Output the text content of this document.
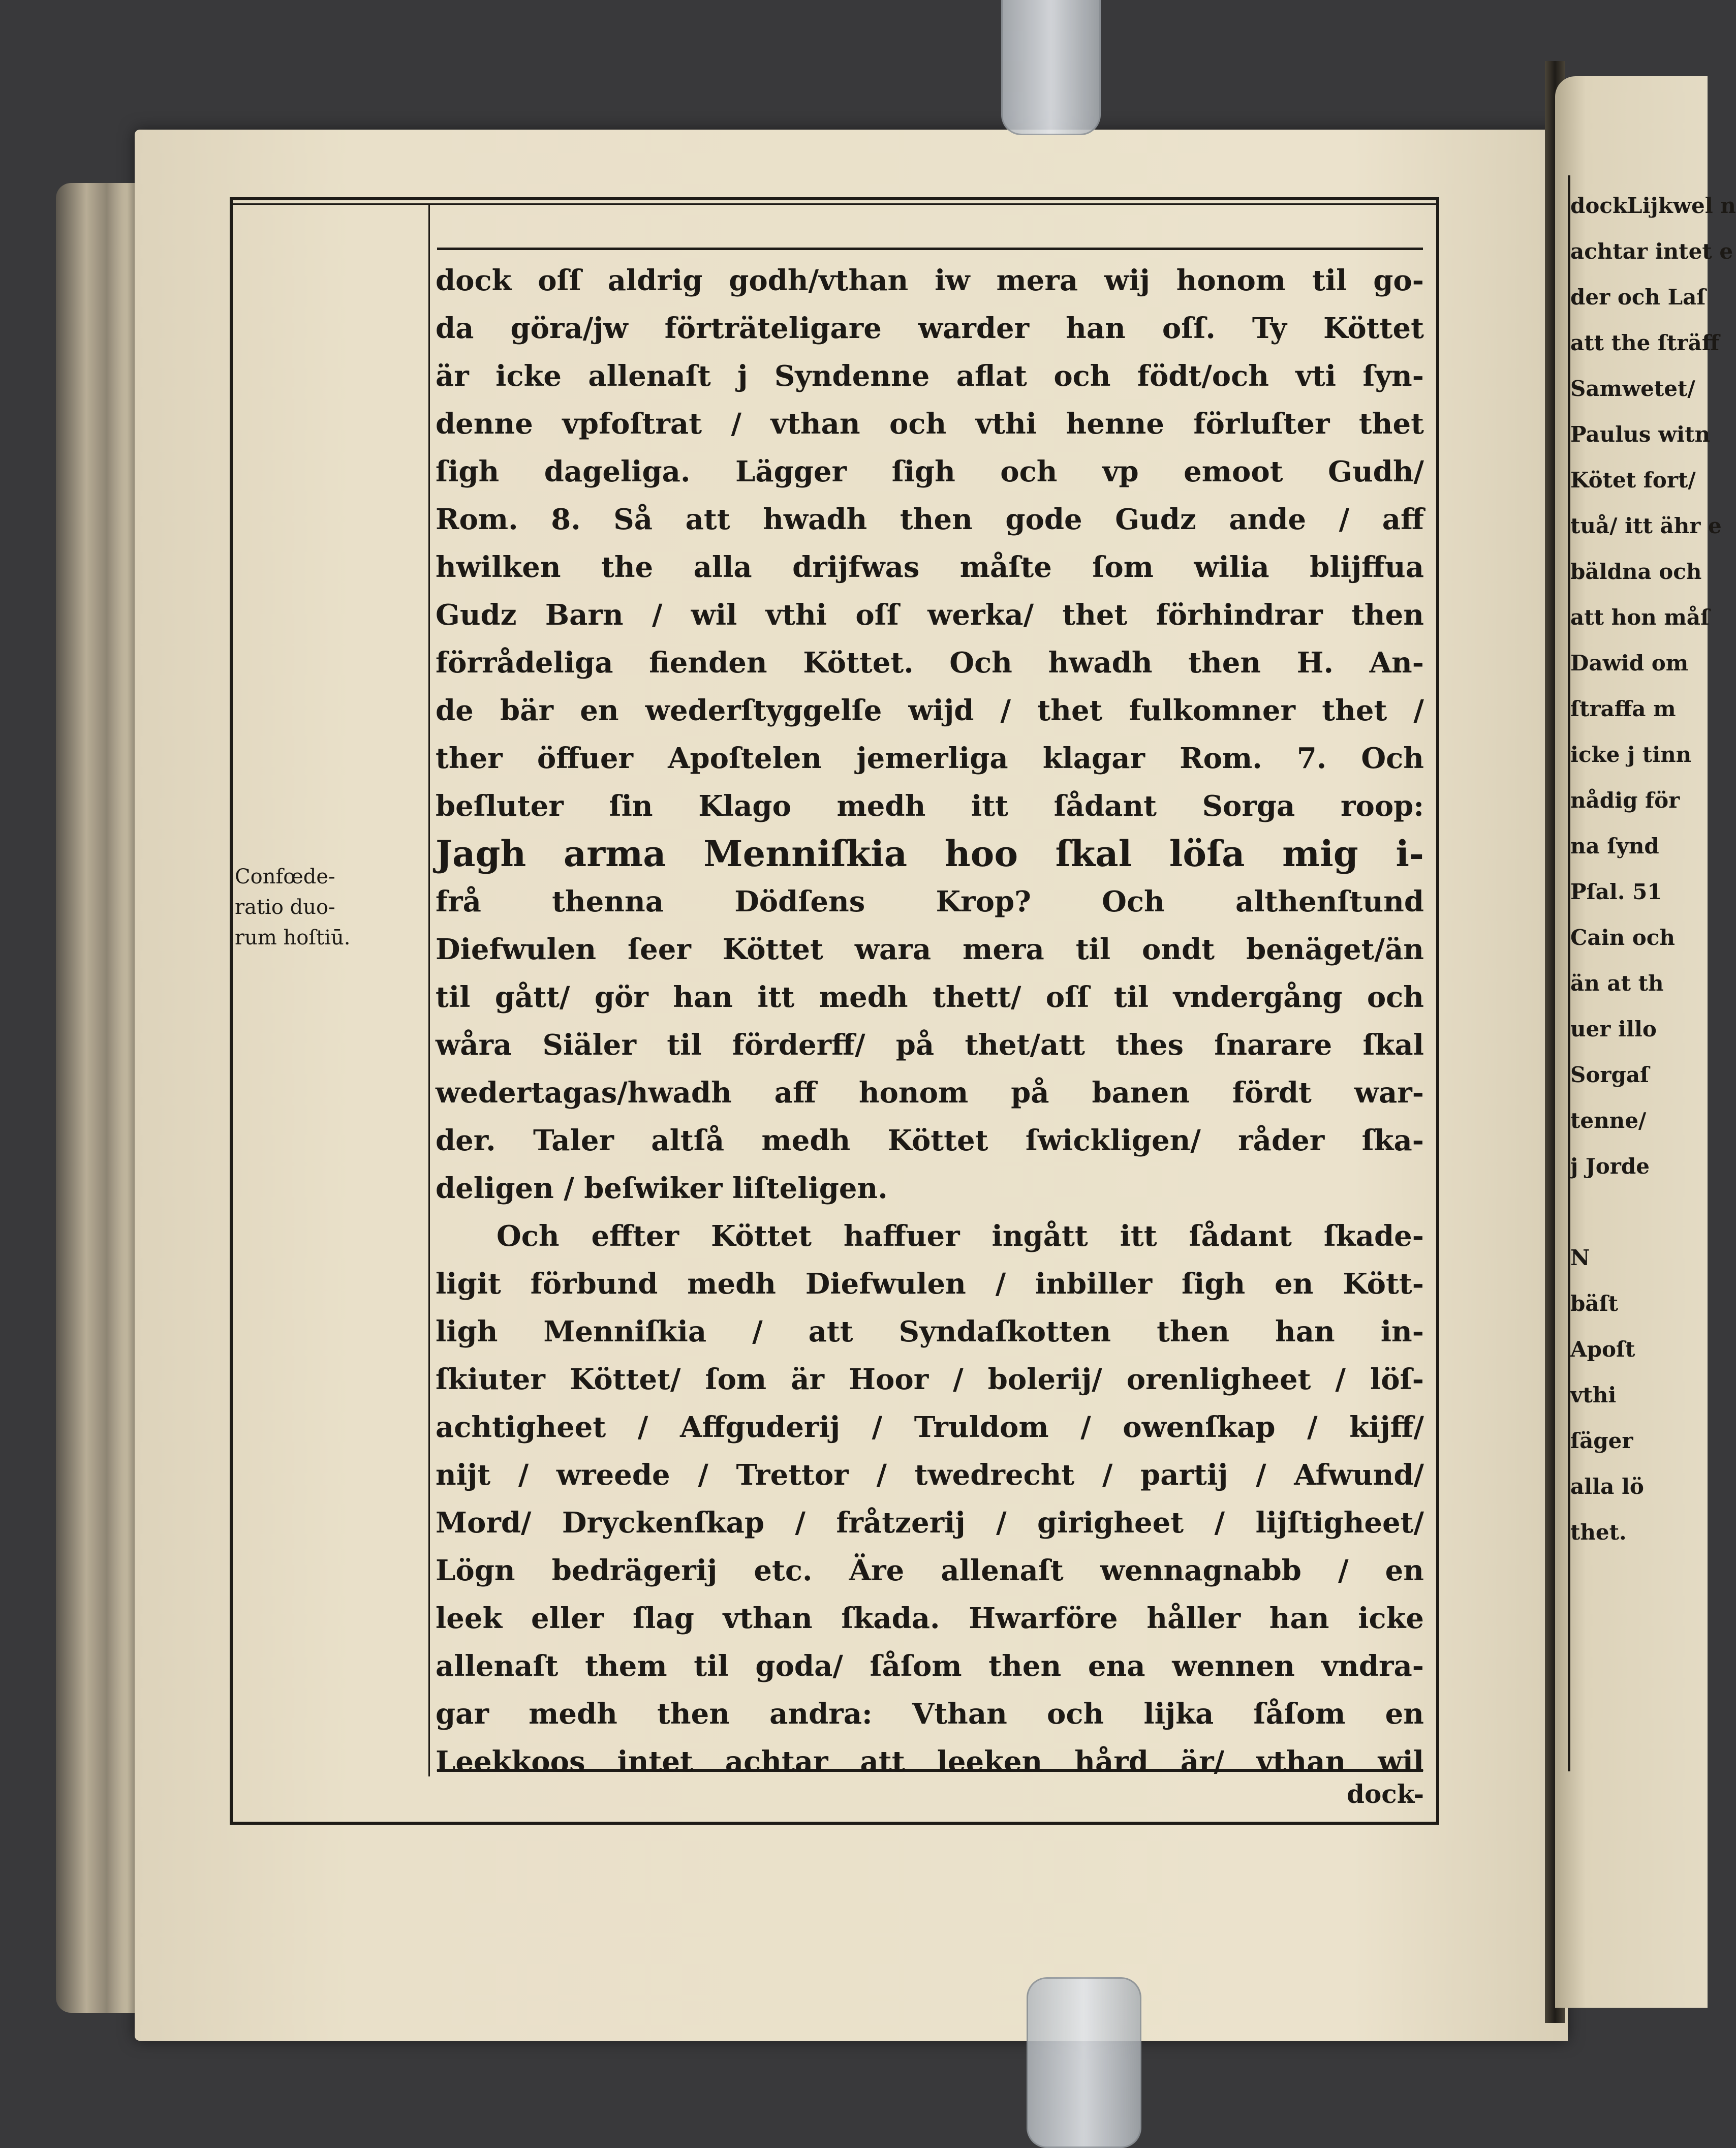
dock oſſ aldrig godh/vthan iw mera wij honom til go-
da göra/jw förträteligare warder han oſſ. Ty Köttet
är icke allenaſt j Syndenne aflat och födt/och vti ſyn-
denne vpfoſtrat / vthan och vthi henne förluſter thet
ſigh dageliga. Lägger ſigh och vp emoot Gudh/
Rom. 8. Så att hwadh then gode Gudz ande / aff
hwilken the alla drijfwas måſte ſom wilia blijffua
Gudz Barn / wil vthi oſſ werka/ thet förhindrar then
förrådeliga fienden Köttet. Och hwadh then H. An-
de bär en wederſtyggelſe wijd / thet fulkomner thet /
ther öffuer Apoſtelen jemerliga klagar Rom. 7. Och
beſluter ſin Klago medh itt ſådant Sorga roop:
Jagh arma Menniſkia hoo ſkal löſa mig i-
frå thenna Dödſens Krop? Och althenſtund
Diefwulen ſeer Köttet wara mera til ondt benäget/än
til gått/ gör han itt medh thett/ oſſ til vndergång och
wåra Siäler til förderff/ på thet/att thes ſnarare ſkal
wedertagas/hwadh aff honom på banen fördt war-
der. Taler altſå medh Köttet ſwickligen/ råder ſka-
deligen / beſwiker liſteligen.
Och effter Köttet haffuer ingått itt ſådant ſkade-
ligit förbund medh Diefwulen / inbiller ſigh en Kött-
ligh Menniſkia / att Syndaſkotten then han in-
ſkiuter Köttet/ ſom är Hoor / bolerij/ orenligheet / löſ-
achtigheet / Affguderij / Truldom / owenſkap / kijff/
nijt / wreede / Trettor / twedrecht / partij / Afwund/
Mord/ Dryckenſkap / fråtzerij / girigheet / lijſtigheet/
Lögn bedrägerij etc. Äre allenaſt wennagnabb / en
leek eller ſlag vthan ſkada. Hwarföre håller han icke
allenaſt them til goda/ ſåſom then ena wennen vndra-
gar medh then andra: Vthan och lijka ſåſom en
Leekkoos intet achtar att leeken hård är/ vthan wil
Confœde-
ratio duo-
rum hoſtiū.
dock-
dockLijkwel n
achtar intet e
der och Laſ
att the ſträff
Samwetet/
Paulus witn
Kötet fort/
tuå/ itt ähr e
bäldna och
att hon måſ
Dawid om
ſtraffa m
icke j tinn
nådig för
na ſynd
Pſal. 51
Cain och
än at th
uer illo
Sorgaſ
tenne/
j Jorde
N
bäſt
Apoſt
vthi
ſäger
alla lö
thet.
